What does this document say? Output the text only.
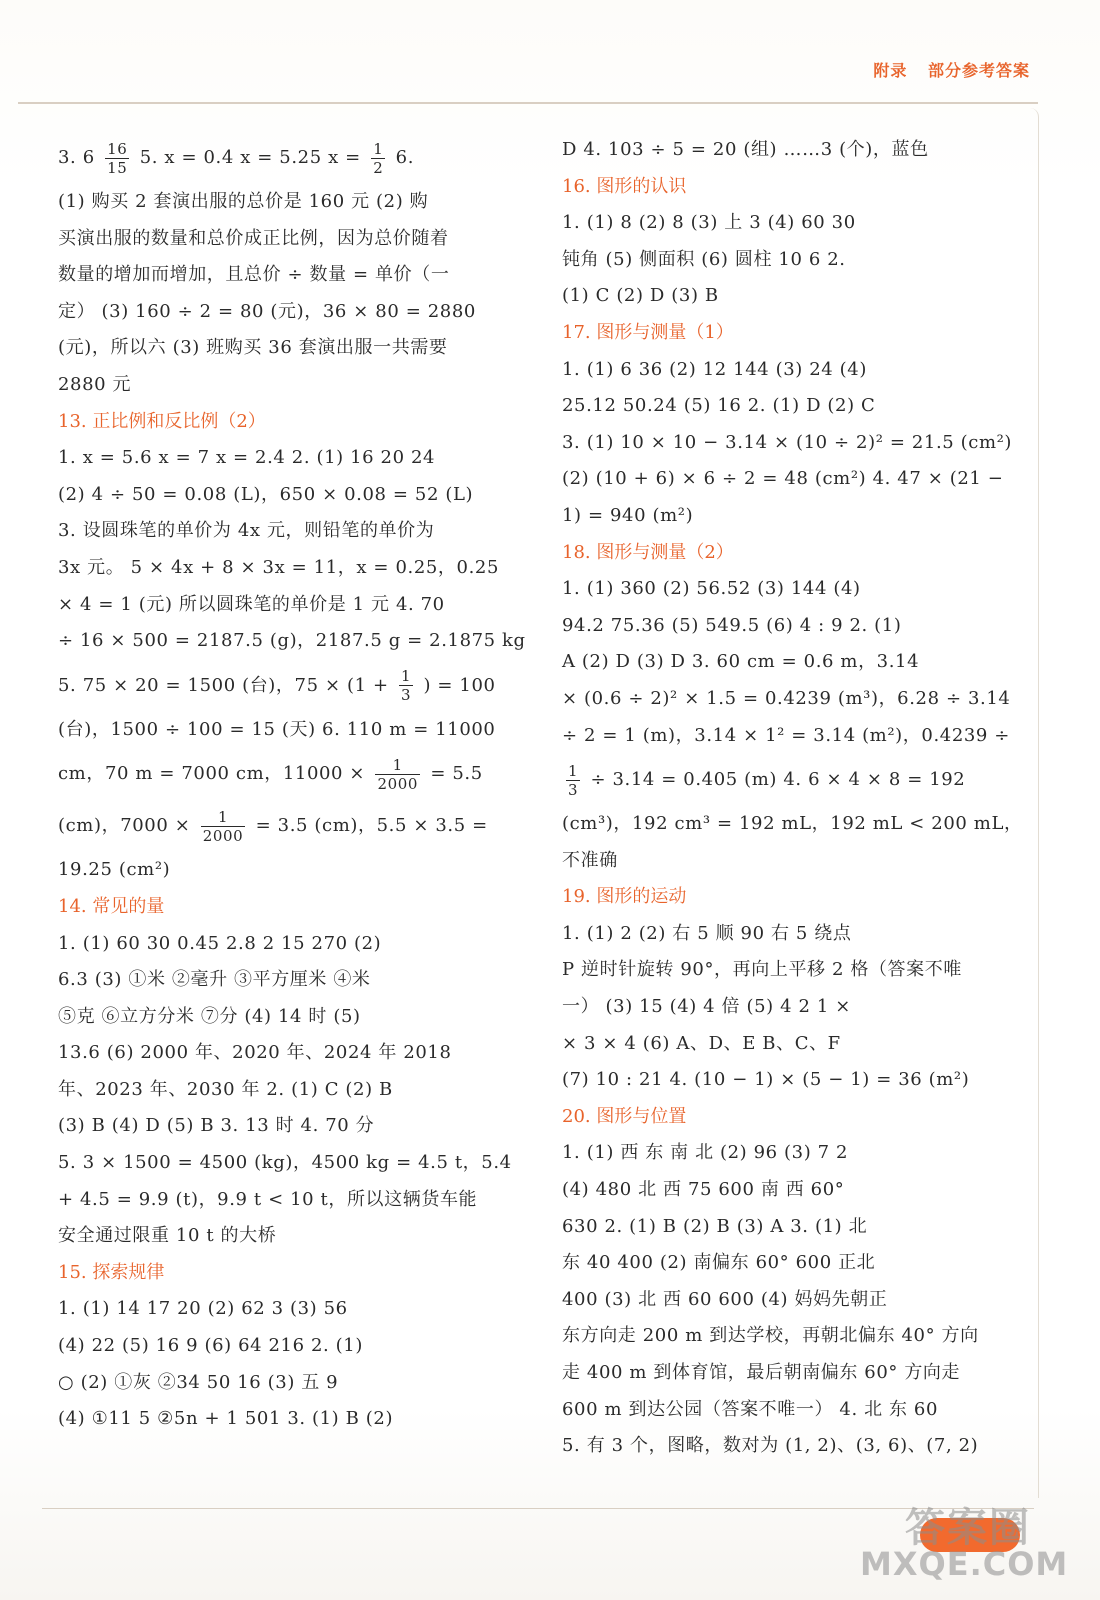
附录 部分参考答案
3. $6 \frac{16}{15} 5$. x = 0.4 x = 5.25 $x = \frac{1}{2} 6$.
(1) 购买 2 套演出服的总价是 160 元 (2) 购
买演出服的数量和总价成正比例，因为总价随着
数量的增加而增加，且总价 ÷ 数量 = 单价（一
定） (3) 160 ÷ 2 = 80 (元)，36 × 80 = 2880
(元)，所以六 (3) 班购买 36 套演出服一共需要
2880 元
13. 正比例和反比例（2）
1. x = 5.6 x = 7 x = 2.4 2. (1) 16 20 24
(2) 4 ÷ 50 = 0.08 (L)，650 × 0.08 = 52 (L)
3. 设圆珠笔的单价为 4x 元，则铅笔的单价为
3x 元。 5 × 4x + 8 × 3x = 11，x = 0.25，0.25
× 4 = 1 (元) 所以圆珠笔的单价是 1 元 4. 70
÷ 16 × 500 = 2187.5 (g)，2187.5 g = 2.1875 kg
5. 75 × 20 = 1500 (台)，$75 \times (1 + \frac{1}{3}$ ) = 100
(台)，1500 ÷ 100 = 15 (天) 6. 110 m = 11000
cm，70 m = 7000 cm，$11000 \times \frac{1}{2000} = 5.5$
(cm)，$7000 \times \frac{1}{2000} = 3.5$ (cm)，5.5 × 3.5 =
19.25 (cm²)
14. 常见的量
1. (1) 60 30 0.45 2.8 2 15 270 (2)
6.3 (3) ①米 ②毫升 ③平方厘米 ④米
⑤克 ⑥立方分米 ⑦分 (4) 14 时 (5)
13.6 (6) 2000 年、2020 年、2024 年 2018
年、2023 年、2030 年 2. (1) C (2) B
(3) B (4) D (5) B 3. 13 时 4. 70 分
5. 3 × 1500 = 4500 (kg)，4500 kg = 4.5 t，5.4
+ 4.5 = 9.9 (t)，9.9 t < 10 t，所以这辆货车能
安全通过限重 10 t 的大桥
15. 探索规律
1. (1) 14 17 20 (2) 62 3 (3) 56
(4) 22 (5) 16 9 (6) 64 216 2. (1)
○ (2) ①灰 ②34 50 16 (3) 五 9
(4) ①11 5 ②5n + 1 501 3. (1) B (2)
D 4. 103 ÷ 5 = 20 (组) ……3 (个)，蓝色
16. 图形的认识
1. (1) 8 (2) 8 (3) 上 3 (4) 60 30
钝角 (5) 侧面积 (6) 圆柱 10 6 2.
(1) C (2) D (3) B
17. 图形与测量（1）
1. (1) 6 36 (2) 12 144 (3) 24 (4)
25.12 50.24 (5) 16 2. (1) D (2) C
3. (1) 10 × 10 − 3.14 × (10 ÷ 2)² = 21.5 (cm²)
(2) (10 + 6) × 6 ÷ 2 = 48 (cm²) 4. 47 × (21 −
1) = 940 (m²)
18. 图形与测量（2）
1. (1) 360 (2) 56.52 (3) 144 (4)
94.2 75.36 (5) 549.5 (6) 4 : 9 2. (1)
A (2) D (3) D 3. 60 cm = 0.6 m，3.14
× (0.6 ÷ 2)² × 1.5 = 0.4239 (m³)，6.28 ÷ 3.14
÷ 2 = 1 (m)，3.14 × 1² = 3.14 (m²)，0.4239 ÷
$\frac{1}{3} \div 3.14 = 0.405$ (m) 4. 6 × 4 × 8 = 192
(cm³)，192 cm³ = 192 mL，192 mL < 200 mL，
不准确
19. 图形的运动
1. (1) 2 (2) 右 5 顺 90 右 5 绕点
P 逆时针旋转 90°，再向上平移 2 格（答案不唯
一） (3) 15 (4) 4 倍 (5) 4 2 1 ×
× 3 × 4 (6) A、D、E B、C、F
(7) 10 : 21 4. (10 − 1) × (5 − 1) = 36 (m²)
20. 图形与位置
1. (1) 西 东 南 北 (2) 96 (3) 7 2
(4) 480 北 西 75 600 南 西 60°
630 2. (1) B (2) B (3) A 3. (1) 北
东 40 400 (2) 南偏东 60° 600 正北
400 (3) 北 西 60 600 (4) 妈妈先朝正
东方向走 200 m 到达学校，再朝北偏东 40° 方向
走 400 m 到体育馆，最后朝南偏东 60° 方向走
600 m 到达公园（答案不唯一） 4. 北 东 60
5. 有 3 个，图略，数对为 (1, 2)、(3, 6)、(7, 2)
答案圈
MXQE.COM
